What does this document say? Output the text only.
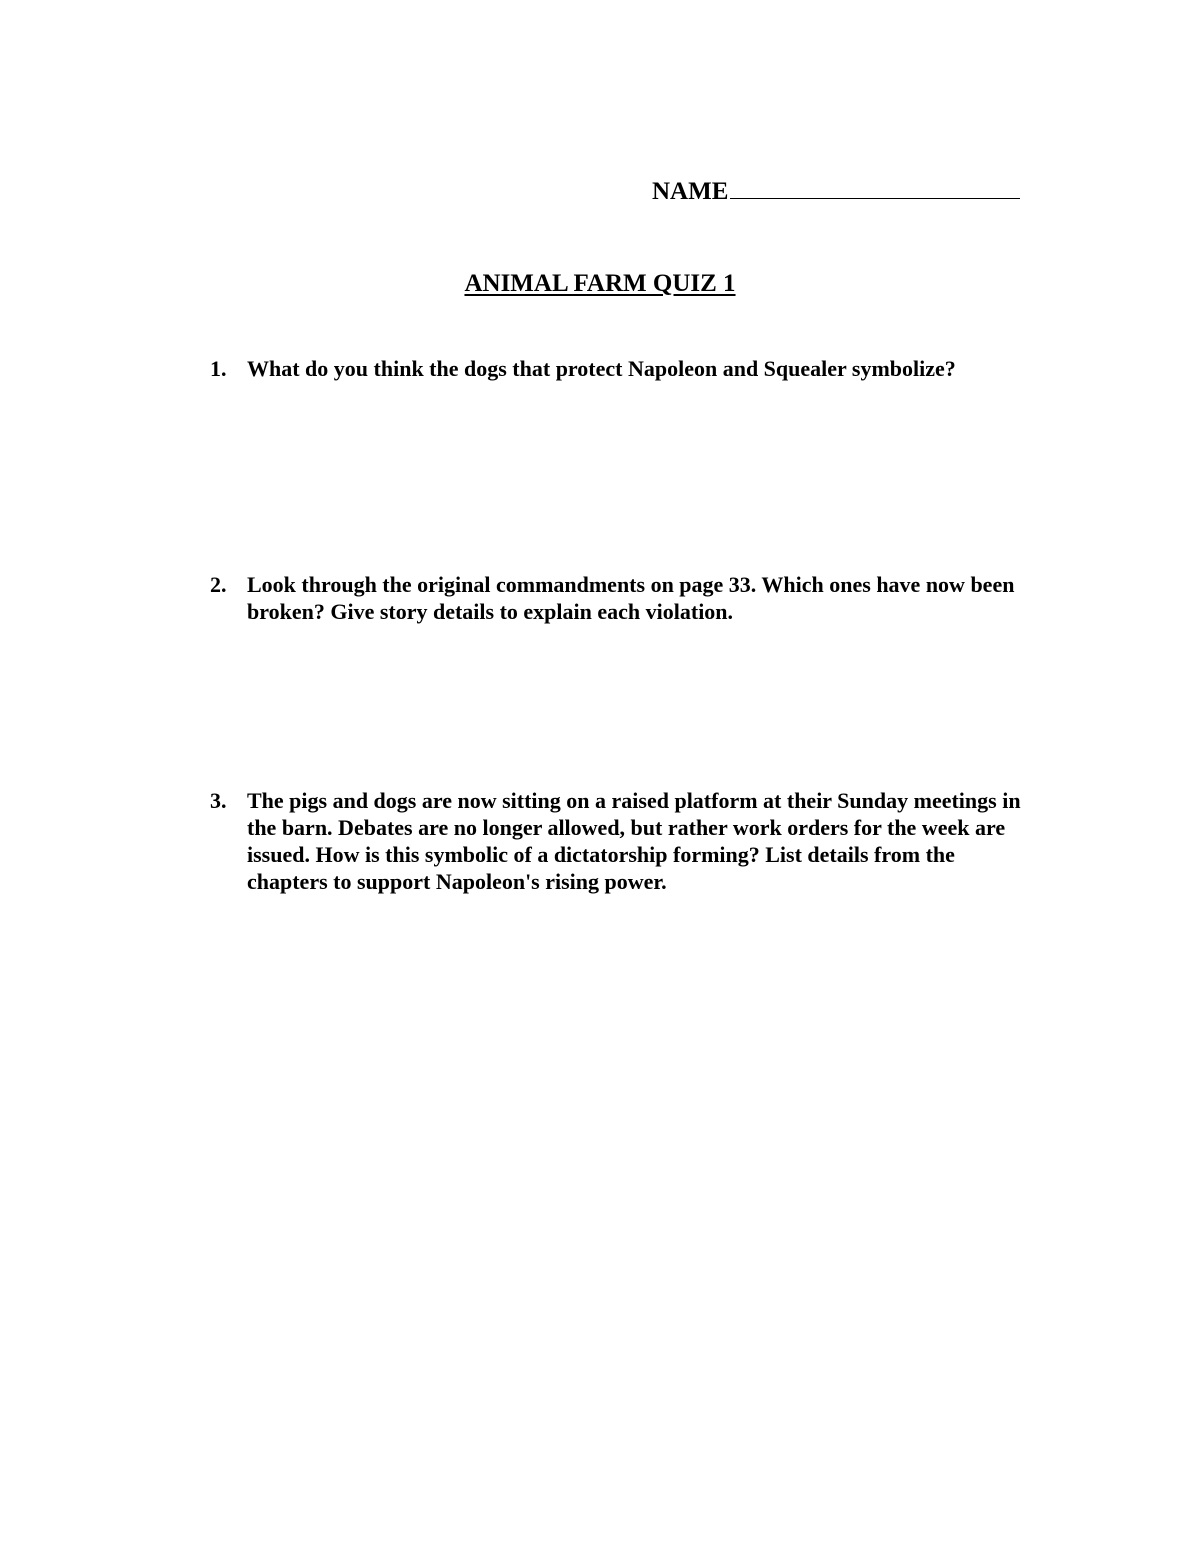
NAME
ANIMAL FARM QUIZ 1
1. What do you think the dogs that protect Napoleon and Squealer symbolize?
2. Look through the original commandments on page 33. Which ones have now been broken? Give story details to explain each violation.
3. The pigs and dogs are now sitting on a raised platform at their Sunday meetings in the barn. Debates are no longer allowed, but rather work orders for the week are issued. How is this symbolic of a dictatorship forming? List details from the chapters to support Napoleon's rising power.
